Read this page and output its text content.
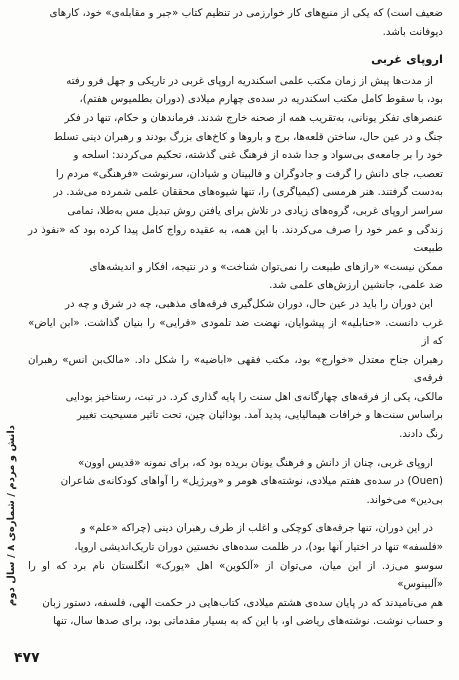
ضعیف است) که یکی از منبع‌های کار خوارزمی در تنظیم کتاب «جبر و مقابله‌ی» خود، کارهای

دیوفانت باشد.

اروپای غربی

از مدت‌ها پیش از زمان مکتب علمی اسکندریه اروپای غربی در تاریکی و جهل فرو رفته

بود، با سقوط کامل مکتب اسکندریه در سده‌ی چهارم میلادی (دوران بطلمیوس هفتم)،

عنصرهای تفکر یونانی، به‌تقریب همه از صحنه خارج شدند. فرماندهان و حکام، تنها در فکر

جنگ و در عین حال، ساختن قلعه‌ها، برج و باروها و کاخ‌های بزرگ بودند و رهبران دینی تسلط

خود را بر جامعه‌ی بی‌سواد و جدا شده از فرهنگ غنی گذشته، تحکیم می‌کردند: اسلحه و

تعصب، جای دانش را گرفت و جادوگران و فالبینان و شیادان، سرنوشت «فرهنگی» مردم را

به‌دست گرفتند. هنر هرمسی (کیمیاگری) را، تنها شیوه‌های محققان علمی شمرده می‌شد. در

سراسر اروپای غربی، گروه‌های زیادی در تلاش برای یافتن روش تبدیل مس به‌طلا، تمامی

زندگی و عمر خود را صرف می‌کردند. با این همه، به عقیده رواج کامل پیدا کرده بود که «نفوذ در طبیعت

ممکن نیست» «رازهای طبیعت را نمی‌توان شناخت» و در نتیجه، افکار و اندیشه‌های

ضد علمی، جانشین ارزش‌های علمی شد.

این دوران را باید در عین حال، دوران شکل‌گیری فرقه‌های مذهبی، چه در شرق و چه در

غرب دانست. «حنابلیه» از پیشوایان، نهضت ضد تلمودی «قرایی» را بنیان گذاشت. «ابن ایاض» که از

رهبران جناح معتدل «خوارج» بود، مکتب فقهی «اباضیه» را شکل داد. «مالک‌بن انس» رهبران فرقه‌ی

مالکی، یکی از فرقه‌های چهارگانه‌ی اهل سنت را پایه گذاری کرد. در تبت، رستاخیز بودایی

براساس سنت‌ها و خرافات هیمالیایی، پدید آمد. بودائیان چین، تحت تاثیر مسیحیت تغییر

رنگ دادند.

اروپای غربی، چنان از دانش و فرهنگ یونان بریده بود که، برای نمونه «قدیس اوون»

(Ouen) در سده‌ی هفتم میلادی، نوشته‌های هومر و «ویرژیل» را آواهای کودکانه‌ی شاعران

بی‌دین» می‌خواند.

در این دوران، تنها جرقه‌های کوچکی و اغلب از طرف رهبران دینی (چراکه «علم» و

«فلسفه» تنها در اختیار آنها بود)، در ظلمت سده‌های نخستین دوران تاریک‌اندیشی اروپا،

سوسو می‌زد. از این میان، می‌توان از «آلکوین» اهل «یورک» انگلستان نام برد که او را «آلبینوس»

هم می‌نامیدند که در پایان سده‌ی هشتم میلادی، کتاب‌هایی در حکمت الهی، فلسفه، دستور زبان

و حساب نوشت. نوشته‌های ریاضی او، با این که به بسیار مقدماتی بود، برای صدها سال، تنها

دانش و مردم / شماره‌ی ۸ / سال دوم
۴۷۷
